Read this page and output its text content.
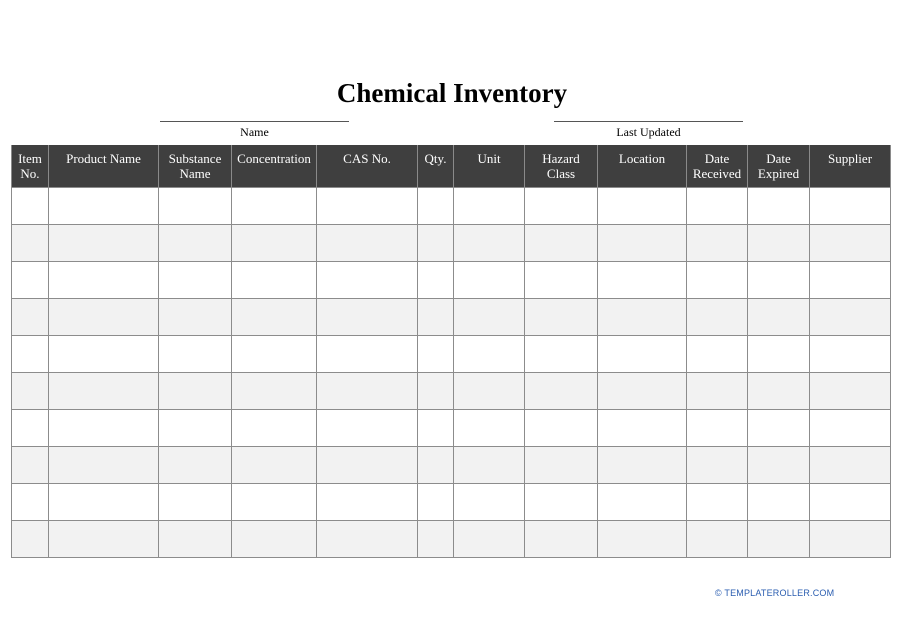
Chemical Inventory
Name	Last Updated
Item No.	Product Name	Substance Name	Concentration	CAS No.	Qty.	Unit	Hazard Class	Location	Date Received	Date Expired	Supplier

© TEMPLATEROLLER.COM
